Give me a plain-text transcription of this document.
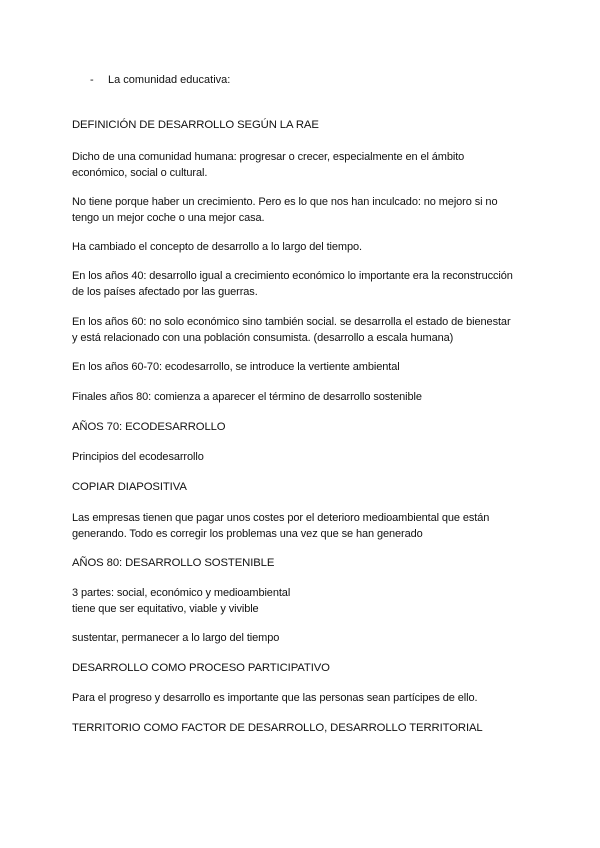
- La comunidad educativa:
DEFINICIÓN DE DESARROLLO SEGÚN LA RAE
Dicho de una comunidad humana: progresar o crecer, especialmente en el ámbito
económico, social o cultural.
No tiene porque haber un crecimiento. Pero es lo que nos han inculcado: no mejoro si no
tengo un mejor coche o una mejor casa.
Ha cambiado el concepto de desarrollo a lo largo del tiempo.
En los años 40: desarrollo igual a crecimiento económico lo importante era la reconstrucción
de los países afectado por las guerras.
En los años 60: no solo económico sino también social. se desarrolla el estado de bienestar
y está relacionado con una población consumista. (desarrollo a escala humana)
En los años 60-70: ecodesarrollo, se introduce la vertiente ambiental
Finales años 80: comienza a aparecer el término de desarrollo sostenible
AÑOS 70: ECODESARROLLO
Principios del ecodesarrollo
COPIAR DIAPOSITIVA
Las empresas tienen que pagar unos costes por el deterioro medioambiental que están
generando. Todo es corregir los problemas una vez que se han generado
AÑOS 80: DESARROLLO SOSTENIBLE
3 partes: social, económico y medioambiental
tiene que ser equitativo, viable y vivible
sustentar, permanecer a lo largo del tiempo
DESARROLLO COMO PROCESO PARTICIPATIVO
Para el progreso y desarrollo es importante que las personas sean partícipes de ello.
TERRITORIO COMO FACTOR DE DESARROLLO, DESARROLLO TERRITORIAL
